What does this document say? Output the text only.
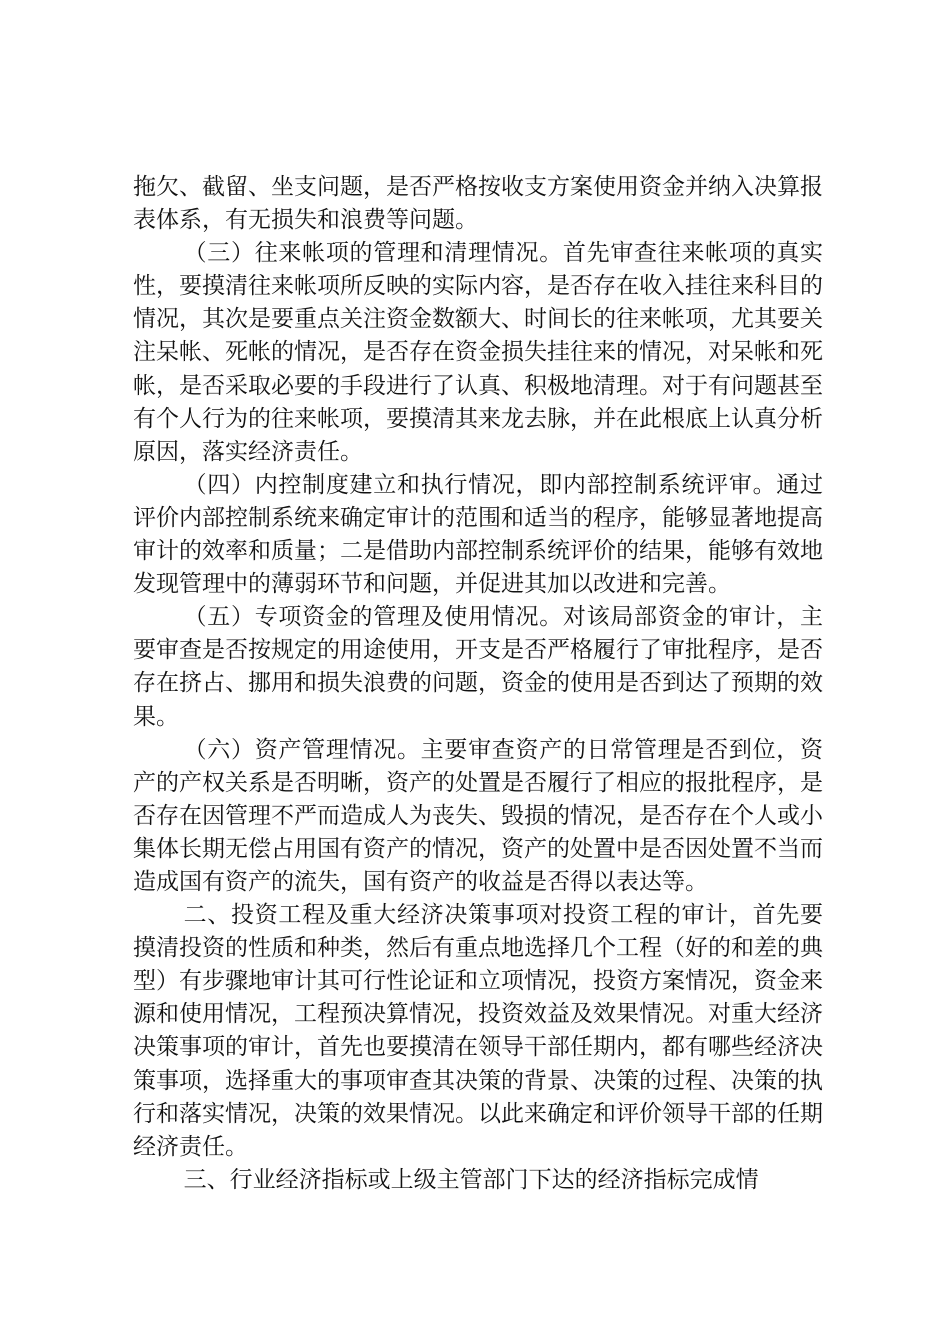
拖欠、截留、坐支问题，是否严格按收支方案使用资金并纳入决算报表体系，有无损失和浪费等问题。

（三）往来帐项的管理和清理情况。首先审查往来帐项的真实性，要摸清往来帐项所反映的实际内容，是否存在收入挂往来科目的情况，其次是要重点关注资金数额大、时间长的往来帐项，尤其要关注呆帐、死帐的情况，是否存在资金损失挂往来的情况，对呆帐和死帐，是否采取必要的手段进行了认真、积极地清理。对于有问题甚至有个人行为的往来帐项，要摸清其来龙去脉，并在此根底上认真分析原因，落实经济责任。

（四）内控制度建立和执行情况，即内部控制系统评审。通过评价内部控制系统来确定审计的范围和适当的程序，能够显著地提高审计的效率和质量；二是借助内部控制系统评价的结果，能够有效地发现管理中的薄弱环节和问题，并促进其加以改进和完善。

（五）专项资金的管理及使用情况。对该局部资金的审计，主要审查是否按规定的用途使用，开支是否严格履行了审批程序，是否存在挤占、挪用和损失浪费的问题，资金的使用是否到达了预期的效果。

（六）资产管理情况。主要审查资产的日常管理是否到位，资产的产权关系是否明晰，资产的处置是否履行了相应的报批程序，是否存在因管理不严而造成人为丧失、毁损的情况，是否存在个人或小集体长期无偿占用国有资产的情况，资产的处置中是否因处置不当而造成国有资产的流失，国有资产的收益是否得以表达等。

二、投资工程及重大经济决策事项对投资工程的审计，首先要摸清投资的性质和种类，然后有重点地选择几个工程（好的和差的典型）有步骤地审计其可行性论证和立项情况，投资方案情况，资金来源和使用情况，工程预决算情况，投资效益及效果情况。对重大经济决策事项的审计，首先也要摸清在领导干部任期内，都有哪些经济决策事项，选择重大的事项审查其决策的背景、决策的过程、决策的执行和落实情况，决策的效果情况。以此来确定和评价领导干部的任期经济责任。

三、行业经济指标或上级主管部门下达的经济指标完成情
